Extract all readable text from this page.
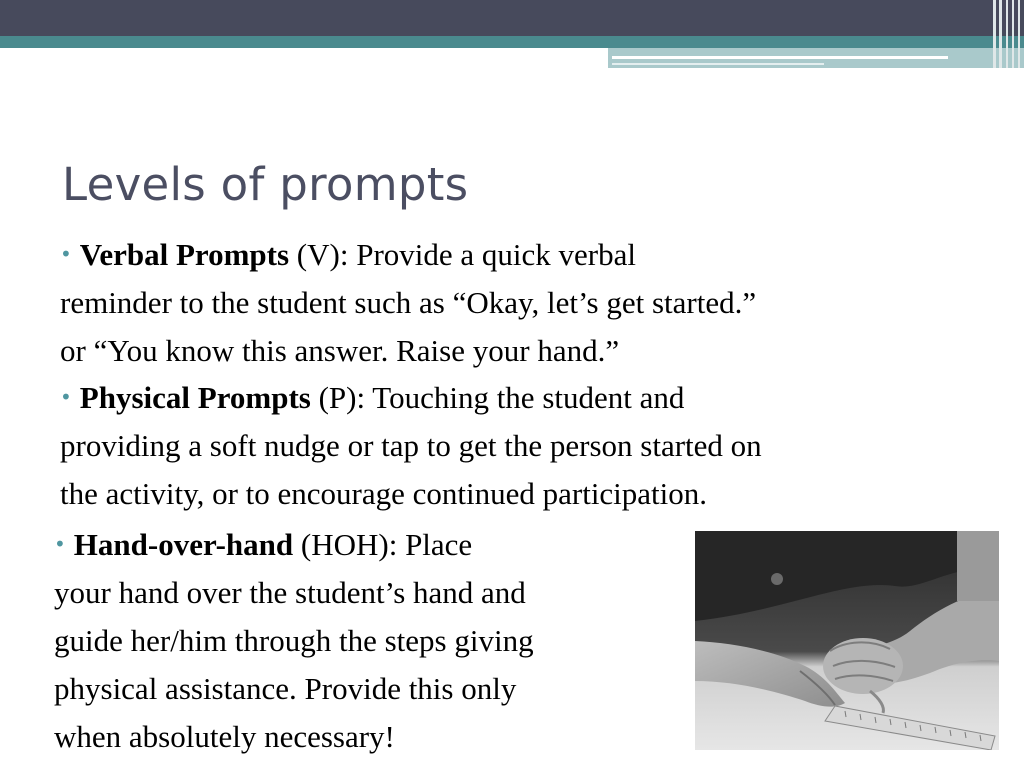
Levels of prompts

• Verbal Prompts (V): Provide a quick verbal
reminder to the student such as “Okay, let’s get started.”
or “You know this answer. Raise your hand.”

• Physical Prompts (P): Touching the student and
providing a soft nudge or tap to get the person started on
the activity, or to encourage continued participation.

• Hand-over-hand (HOH): Place
your hand over the student’s hand and
guide her/him through the steps giving
physical assistance. Provide this only
when absolutely necessary!
